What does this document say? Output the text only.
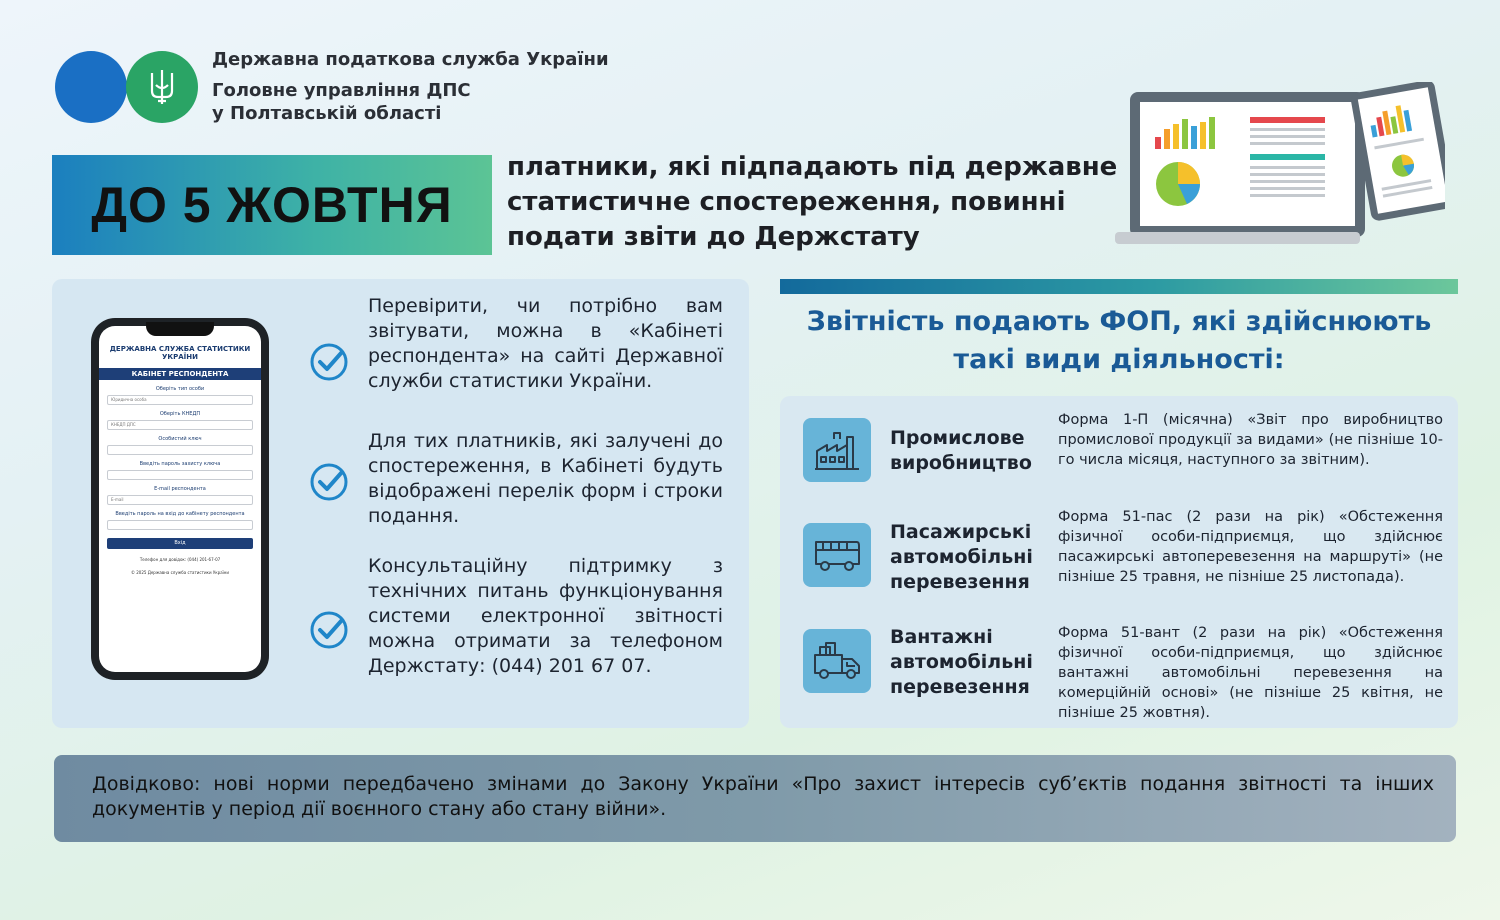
Державна податкова служба України
Головне управління ДПС
у Полтавській області
ДО 5 ЖОВТНЯ
платники, які підпадають під державне статистичне спостереження, повинні подати звіти до Держстату
ДЕРЖАВНА СЛУЖБА СТАТИСТИКИ УКРАЇНИ
КАБІНЕТ РЕСПОНДЕНТА
Оберіть тип особи
Юридична особа
Оберіть КНЕДП
КНЕДП ДПС
Особистий ключ
Введіть пароль захисту ключа
E-mail респондента
E-mail
Введіть пароль на вхід до кабінету респондента
Вхід
Телефон для довідок: (044) 201-67-07
© 2025 Державна служба статистики України
Перевірити, чи потрібно вам звітувати, можна в «Кабінеті респондента» на сайті Державної служби статистики України.
Для тих платників, які залучені до спостереження, в Кабінеті будуть відображені перелік форм і строки подання.
Консультаційну підтримку з технічних питань функціонування системи електронної звітності можна отримати за телефоном Держстату: (044) 201 67 07.
Звітність подають ФОП, які здійснюють такі види діяльності:
Промислове виробництво
Форма 1-П (місячна) «Звіт про виробництво промислової продукції за видами» (не пізніше 10-го числа місяця, наступного за звітним).
Пасажирські автомобільні перевезення
Форма 51-пас (2 рази на рік) «Обстеження фізичної особи-підприємця, що здійснює пасажирські автоперевезення на маршруті» (не пізніше 25 травня, не пізніше 25 листопада).
Вантажні автомобільні перевезення
Форма 51-вант (2 рази на рік) «Обстеження фізичної особи-підприємця, що здійснює вантажні автомобільні перевезення на комерційній основі» (не пізніше 25 квітня, не пізніше 25 жовтня).
Довідково: нові норми передбачено змінами до Закону України «Про захист інтересів суб’єктів подання звітності та інших документів у період дії воєнного стану або стану війни».
